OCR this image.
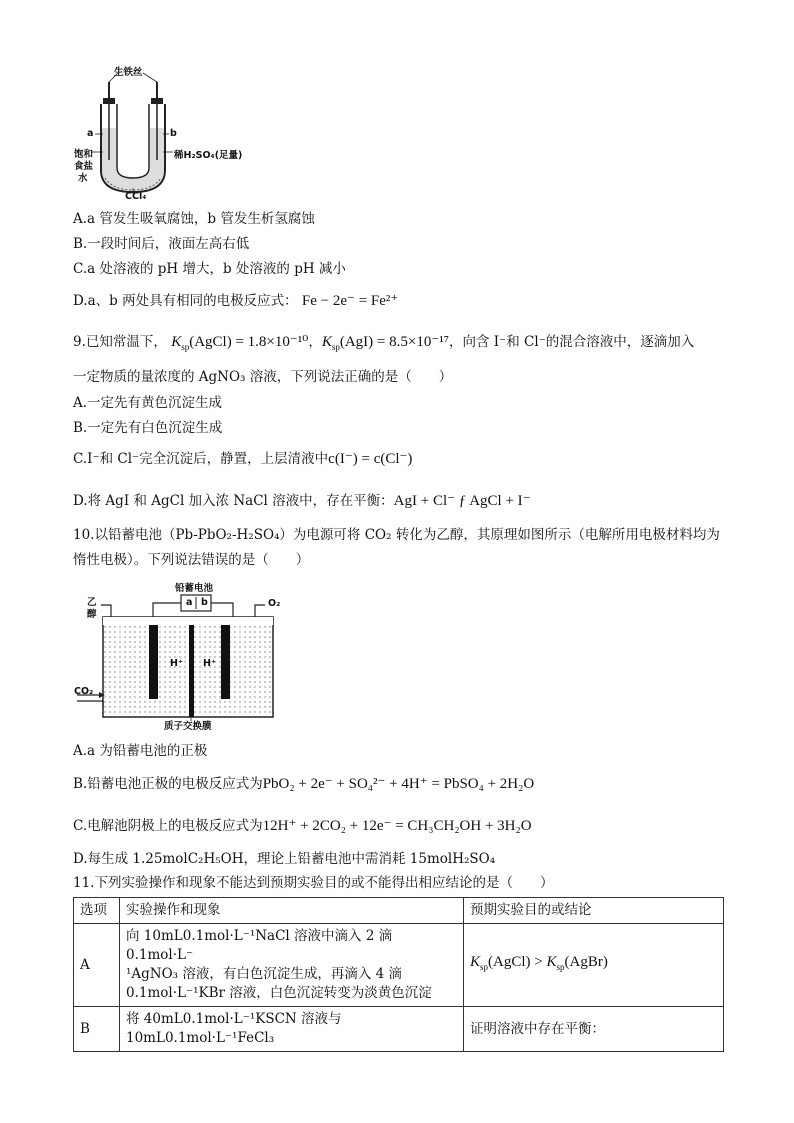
生铁丝
a	b
饱和
食盐
水
稀H₂SO₄(足量)
CCl₄
A.a 管发生吸氧腐蚀，b 管发生析氢腐蚀
B.一段时间后，液面左高右低
C.a 处溶液的 pH 增大，b 处溶液的 pH 减小
D.a、b 两处具有相同的电极反应式： Fe − 2e⁻ = Fe²⁺
9.已知常温下， $K_{sp}(AgCl) = 1.8\times 10^{-10}$，$K_{sp}(AgI) = 8.5\times 10^{-17}$，向含 I⁻和 Cl⁻的混合溶液中，逐滴加入
一定物质的量浓度的 AgNO₃ 溶液，下列说法正确的是（　　）
A.一定先有黄色沉淀生成
B.一定先有白色沉淀生成
C.I⁻和 Cl⁻完全沉淀后，静置，上层清液中c(I⁻) = c(Cl⁻)
D.将 AgI 和 AgCl 加入浓 NaCl 溶液中，存在平衡：AgI + Cl⁻ ƒ AgCl + I⁻
10.以铅蓄电池（Pb-PbO₂-H₂SO₄）为电源可将 CO₂ 转化为乙醇，其原理如图所示（电解所用电极材料均为
惰性电极）。下列说法错误的是（　　）
铅蓄电池
a b
乙
醇
O₂
H⁺ H⁺
CO₂
质子交换膜
A.a 为铅蓄电池的正极
B.铅蓄电池正极的电极反应式为PbO₂ + 2e⁻ + SO₄²⁻ + 4H⁺ = PbSO₄ + 2H₂O
C.电解池阴极上的电极反应式为12H⁺ + 2CO₂ + 12e⁻ = CH₃CH₂OH + 3H₂O
D.每生成 1.25molC₂H₅OH，理论上铅蓄电池中需消耗 15molH₂SO₄
11.下列实验操作和现象不能达到预期实验目的或不能得出相应结论的是（　　）
选项	实验操作和现象	预期实验目的或结论
A	向 10mL0.1mol·L⁻¹NaCl 溶液中滴入 2 滴 0.1mol·L⁻
¹AgNO₃ 溶液，有白色沉淀生成，再滴入 4 滴
0.1mol·L⁻¹KBr 溶液，白色沉淀转变为淡黄色沉淀	$K_{sp}(AgCl)$ > $K_{sp}(AgBr)$
B	将 40mL0.1mol·L⁻¹KSCN 溶液与 10mL0.1mol·L⁻¹FeCl₃	证明溶液中存在平衡：
